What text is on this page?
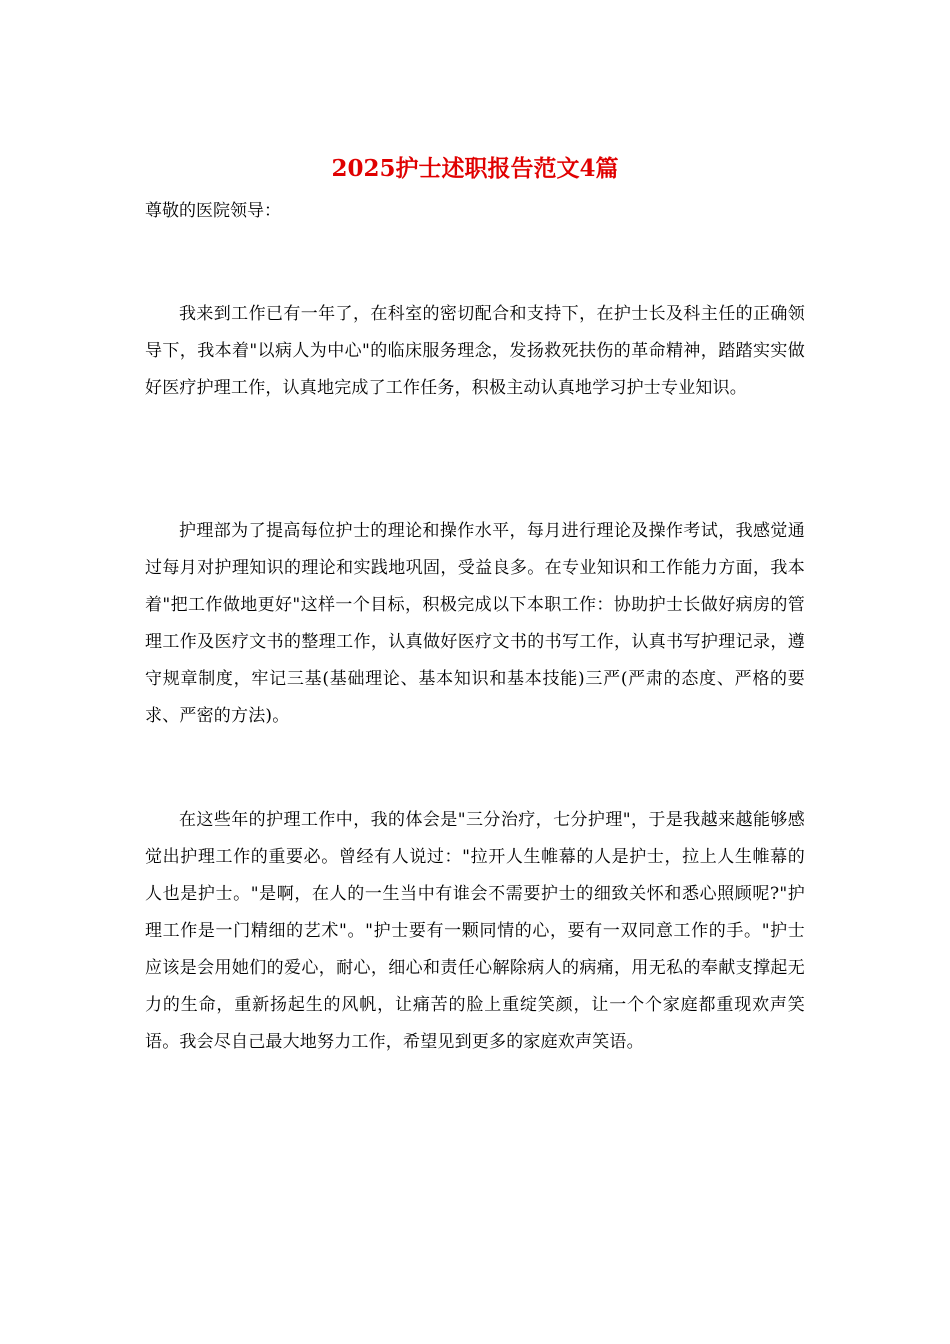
2025护士述职报告范文4篇

尊敬的医院领导：

我来到工作已有一年了，在科室的密切配合和支持下，在护士长及科主任的正确领导下，我本着"以病人为中心"的临床服务理念，发扬救死扶伤的革命精神，踏踏实实做好医疗护理工作，认真地完成了工作任务，积极主动认真地学习护士专业知识。

护理部为了提高每位护士的理论和操作水平，每月进行理论及操作考试，我感觉通过每月对护理知识的理论和实践地巩固，受益良多。在专业知识和工作能力方面，我本着"把工作做地更好"这样一个目标，积极完成以下本职工作：协助护士长做好病房的管理工作及医疗文书的整理工作，认真做好医疗文书的书写工作，认真书写护理记录，遵守规章制度，牢记三基(基础理论、基本知识和基本技能)三严(严肃的态度、严格的要求、严密的方法)。

在这些年的护理工作中，我的体会是"三分治疗，七分护理"，于是我越来越能够感觉出护理工作的重要必。曾经有人说过："拉开人生帷幕的人是护士，拉上人生帷幕的人也是护士。"是啊，在人的一生当中有谁会不需要护士的细致关怀和悉心照顾呢?"护理工作是一门精细的艺术"。"护士要有一颗同情的心，要有一双同意工作的手。"护士应该是会用她们的爱心，耐心，细心和责任心解除病人的病痛，用无私的奉献支撑起无力的生命，重新扬起生的风帆，让痛苦的脸上重绽笑颜，让一个个家庭都重现欢声笑语。我会尽自己最大地努力工作，希望见到更多的家庭欢声笑语。
